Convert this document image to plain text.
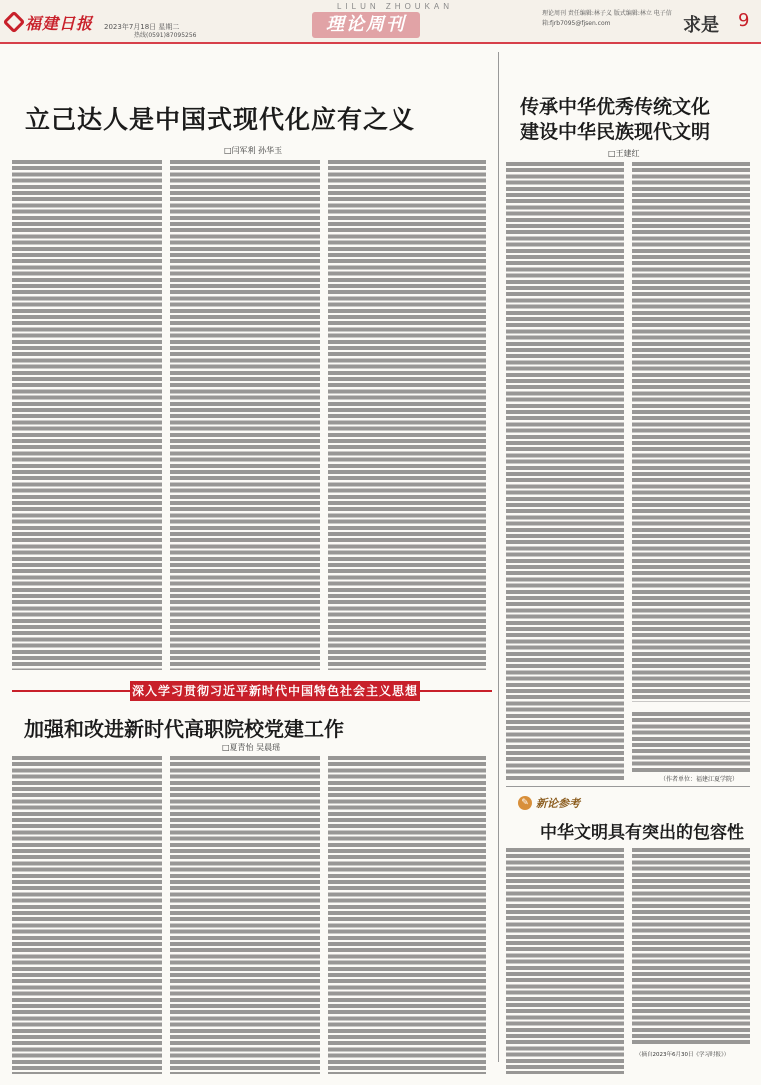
福建日报 2023年7月18日 星期二
LILUN ZHOUKAN
理论周刊
热线(0591)87095256
理论周刊 责任编辑:林子义 版式编辑:林立 电子信箱:fjrb7095@fjsen.com	求是 9
立己达人是中国式现代化应有之义
□闫军利 孙华玉
传承中华优秀传统文化
建设中华民族现代文明
□王建红
（作者单位：福建江夏学院）
深入学习贯彻习近平新时代中国特色社会主义思想
加强和改进新时代高职院校党建工作
□夏青怡 吴晨瑶
✎ 新论参考
中华文明具有突出的包容性
（摘自2023年6月30日《学习时报》）
